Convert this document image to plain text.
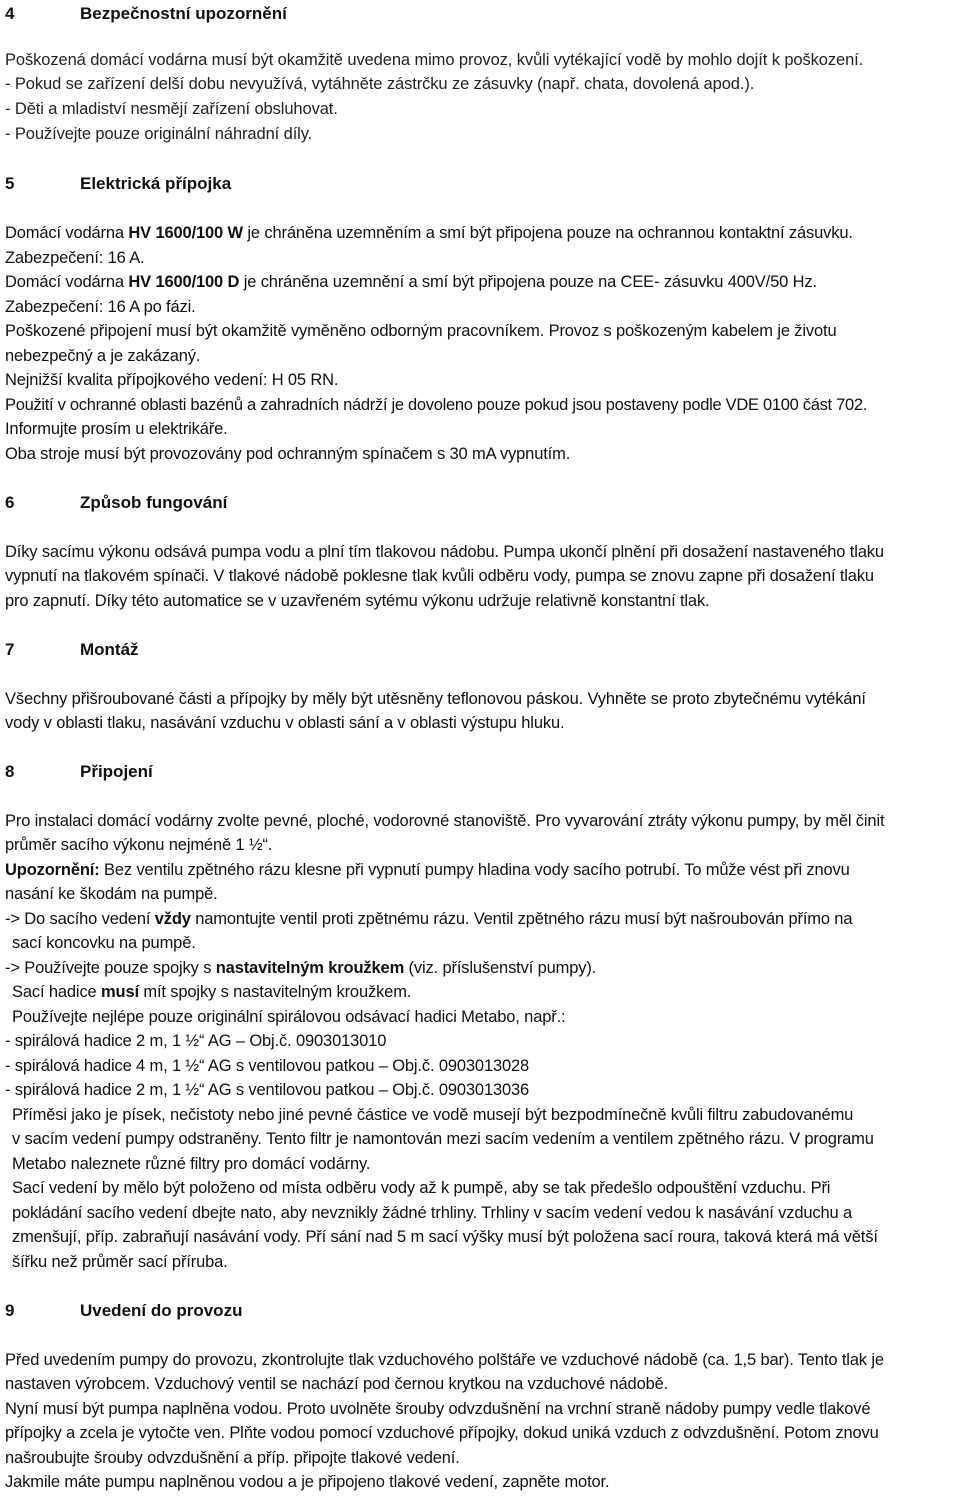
4	Bezpečnostní upozornění
Poškozená domácí vodárna musí být okamžitě uvedena mimo provoz, kvůli vytékající vodě by mohlo dojít k poškození.
- Pokud se zařízení delší dobu nevyužívá, vytáhněte zástrčku ze zásuvky (např. chata, dovolená apod.).
- Děti a mladiství nesmějí zařízení obsluhovat.
- Používejte pouze originální náhradní díly.
5	Elektrická přípojka
Domácí vodárna HV 1600/100 W je chráněna uzemněním a smí být připojena pouze na ochrannou kontaktní zásuvku.
Zabezpečení: 16 A.
Domácí vodárna HV 1600/100 D je chráněna uzemnění a smí být připojena pouze na CEE- zásuvku 400V/50 Hz.
Zabezpečení: 16 A po fázi.
Poškozené připojení musí být okamžitě vyměněno odborným pracovníkem. Provoz s poškozeným kabelem je životu
nebezpečný a je zakázaný.
Nejnižší kvalita přípojkového vedení: H 05 RN.
Použití v ochranné oblasti bazénů a zahradních nádrží je dovoleno pouze pokud jsou postaveny podle VDE 0100 část 702.
Informujte prosím u elektrikáře.
Oba stroje musí být provozovány pod ochranným spínačem s 30 mA vypnutím.
6	Způsob fungování
Díky sacímu výkonu odsává pumpa vodu a plní tím tlakovou nádobu. Pumpa ukončí plnění při dosažení nastaveného tlaku
vypnutí na tlakovém spínači. V tlakové nádobě poklesne tlak kvůli odběru vody, pumpa se znovu zapne při dosažení tlaku
pro zapnutí. Díky této automatice se v uzavřeném sytému výkonu udržuje relativně konstantní tlak.
7	Montáž
Všechny přišroubované části a přípojky by měly být utěsněny teflonovou páskou. Vyhněte se proto zbytečnému vytékání
vody v oblasti tlaku, nasávání vzduchu v oblasti sání a v oblasti výstupu hluku.
8	Připojení
Pro instalaci domácí vodárny zvolte pevné, ploché, vodorovné stanoviště. Pro vyvarování ztráty výkonu pumpy, by měl činit
průměr sacího výkonu nejméně 1 ½“.
Upozornění: Bez ventilu zpětného rázu klesne při vypnutí pumpy hladina vody sacího potrubí. To může vést při znovu
nasání ke škodám na pumpě.
-> Do sacího vedení vždy namontujte ventil proti zpětnému rázu. Ventil zpětného rázu musí být našroubován přímo na
sací koncovku na pumpě.
-> Používejte pouze spojky s nastavitelným kroužkem (viz. příslušenství pumpy).
Sací hadice musí mít spojky s nastavitelným kroužkem.
Používejte nejlépe pouze originální spirálovou odsávací hadici Metabo, např.:
- spirálová hadice 2 m, 1 ½“ AG – Obj.č. 0903013010
- spirálová hadice 4 m, 1 ½“ AG s ventilovou patkou – Obj.č. 0903013028
- spirálová hadice 2 m, 1 ½“ AG s ventilovou patkou – Obj.č. 0903013036
Příměsi jako je písek, nečistoty nebo jiné pevné částice ve vodě musejí být bezpodmínečně kvůli filtru zabudovanému
v sacím vedení pumpy odstraněny. Tento filtr je namontován mezi sacím vedením a ventilem zpětného rázu. V programu
Metabo naleznete různé filtry pro domácí vodárny.
Sací vedení by mělo být položeno od místa odběru vody až k pumpě, aby se tak předešlo odpouštění vzduchu. Při
pokládání sacího vedení dbejte nato, aby nevznikly žádné trhliny. Trhliny v sacím vedení vedou k nasávání vzduchu a
zmenšují, příp. zabraňují nasávání vody. Pří sání nad 5 m sací výšky musí být položena sací roura, taková která má větší
šířku než průměr sací příruba.
9	Uvedení do provozu
Před uvedením pumpy do provozu, zkontrolujte tlak vzduchového polštáře ve vzduchové nádobě (ca. 1,5 bar). Tento tlak je
nastaven výrobcem. Vzduchový ventil se nachází pod černou krytkou na vzduchové nádobě.
Nyní musí být pumpa naplněna vodou. Proto uvolněte šrouby odvzdušnění na vrchní straně nádoby pumpy vedle tlakové
přípojky a zcela je vytočte ven. Plňte vodou pomocí vzduchové přípojky, dokud uniká vzduch z odvzdušnění. Potom znovu
našroubujte šrouby odvzdušnění a příp. připojte tlakové vedení.
Jakmile máte pumpu naplněnou vodou a je připojeno tlakové vedení, zapněte motor.
